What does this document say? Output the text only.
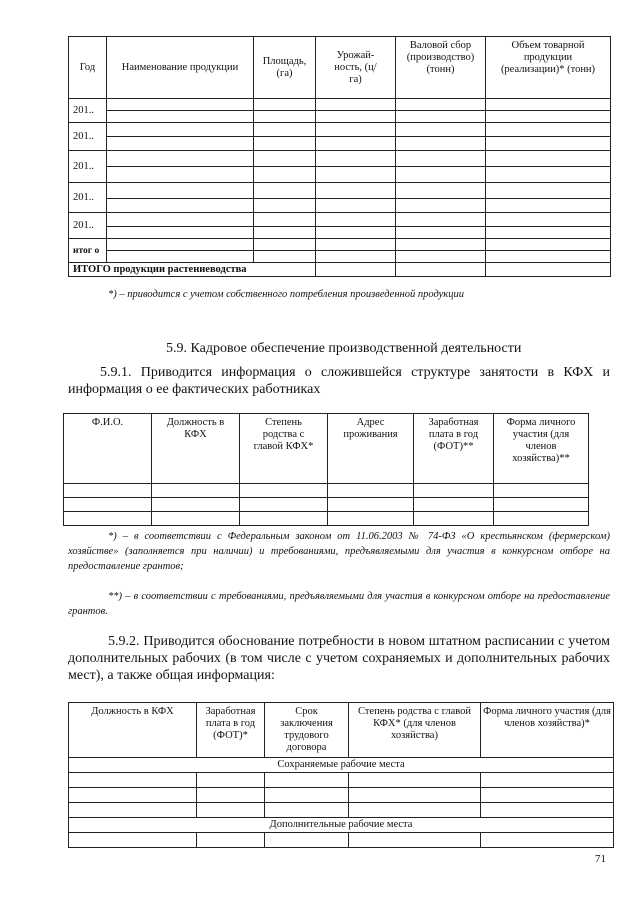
Год	Наименование продукции	Площадь, (га)	Урожай-ность, (ц/га)	Валовой сбор (производство) (тонн)	Объем товарной продукции (реализации)* (тонн)
201..					

201..					

201..					

201..					

201..					

итог о					

ИТОГО продукции растениеводства					
*) – приводится с учетом собственного потребления произведенной продукции
5.9. Кадровое обеспечение производственной деятельности
5.9.1. Приводится информация о сложившейся структуре занятости в КФХ и информация о ее фактических работниках
Ф.И.О.	Должность в КФХ	Степень родства с главой КФХ*	Адрес проживания	Заработная плата в год (ФОТ)**	Форма личного участия (для членов хозяйства)**

*) – в соответствии с Федеральным законом от 11.06.2003 № 74-ФЗ «О крестьянском (фермерском) хозяйстве» (заполняется при наличии) и требованиями, предъявляемыми для участия в конкурсном отборе на предоставление грантов;
**) – в соответствии с требованиями, предъявляемыми для участия в конкурсном отборе на предоставление грантов.
5.9.2. Приводится обоснование потребности в новом штатном расписании с учетом дополнительных рабочих (в том числе с учетом сохраняемых и дополнительных рабочих мест), а также общая информация:
Должность в КФХ	Заработная плата в год (ФОТ)*	Срок заключения трудового договора	Степень родства с главой КФХ* (для членов хозяйства)	Форма личного участия (для членов хозяйства)*
Сохраняемые рабочие места				

Дополнительные рабочие места				

71
